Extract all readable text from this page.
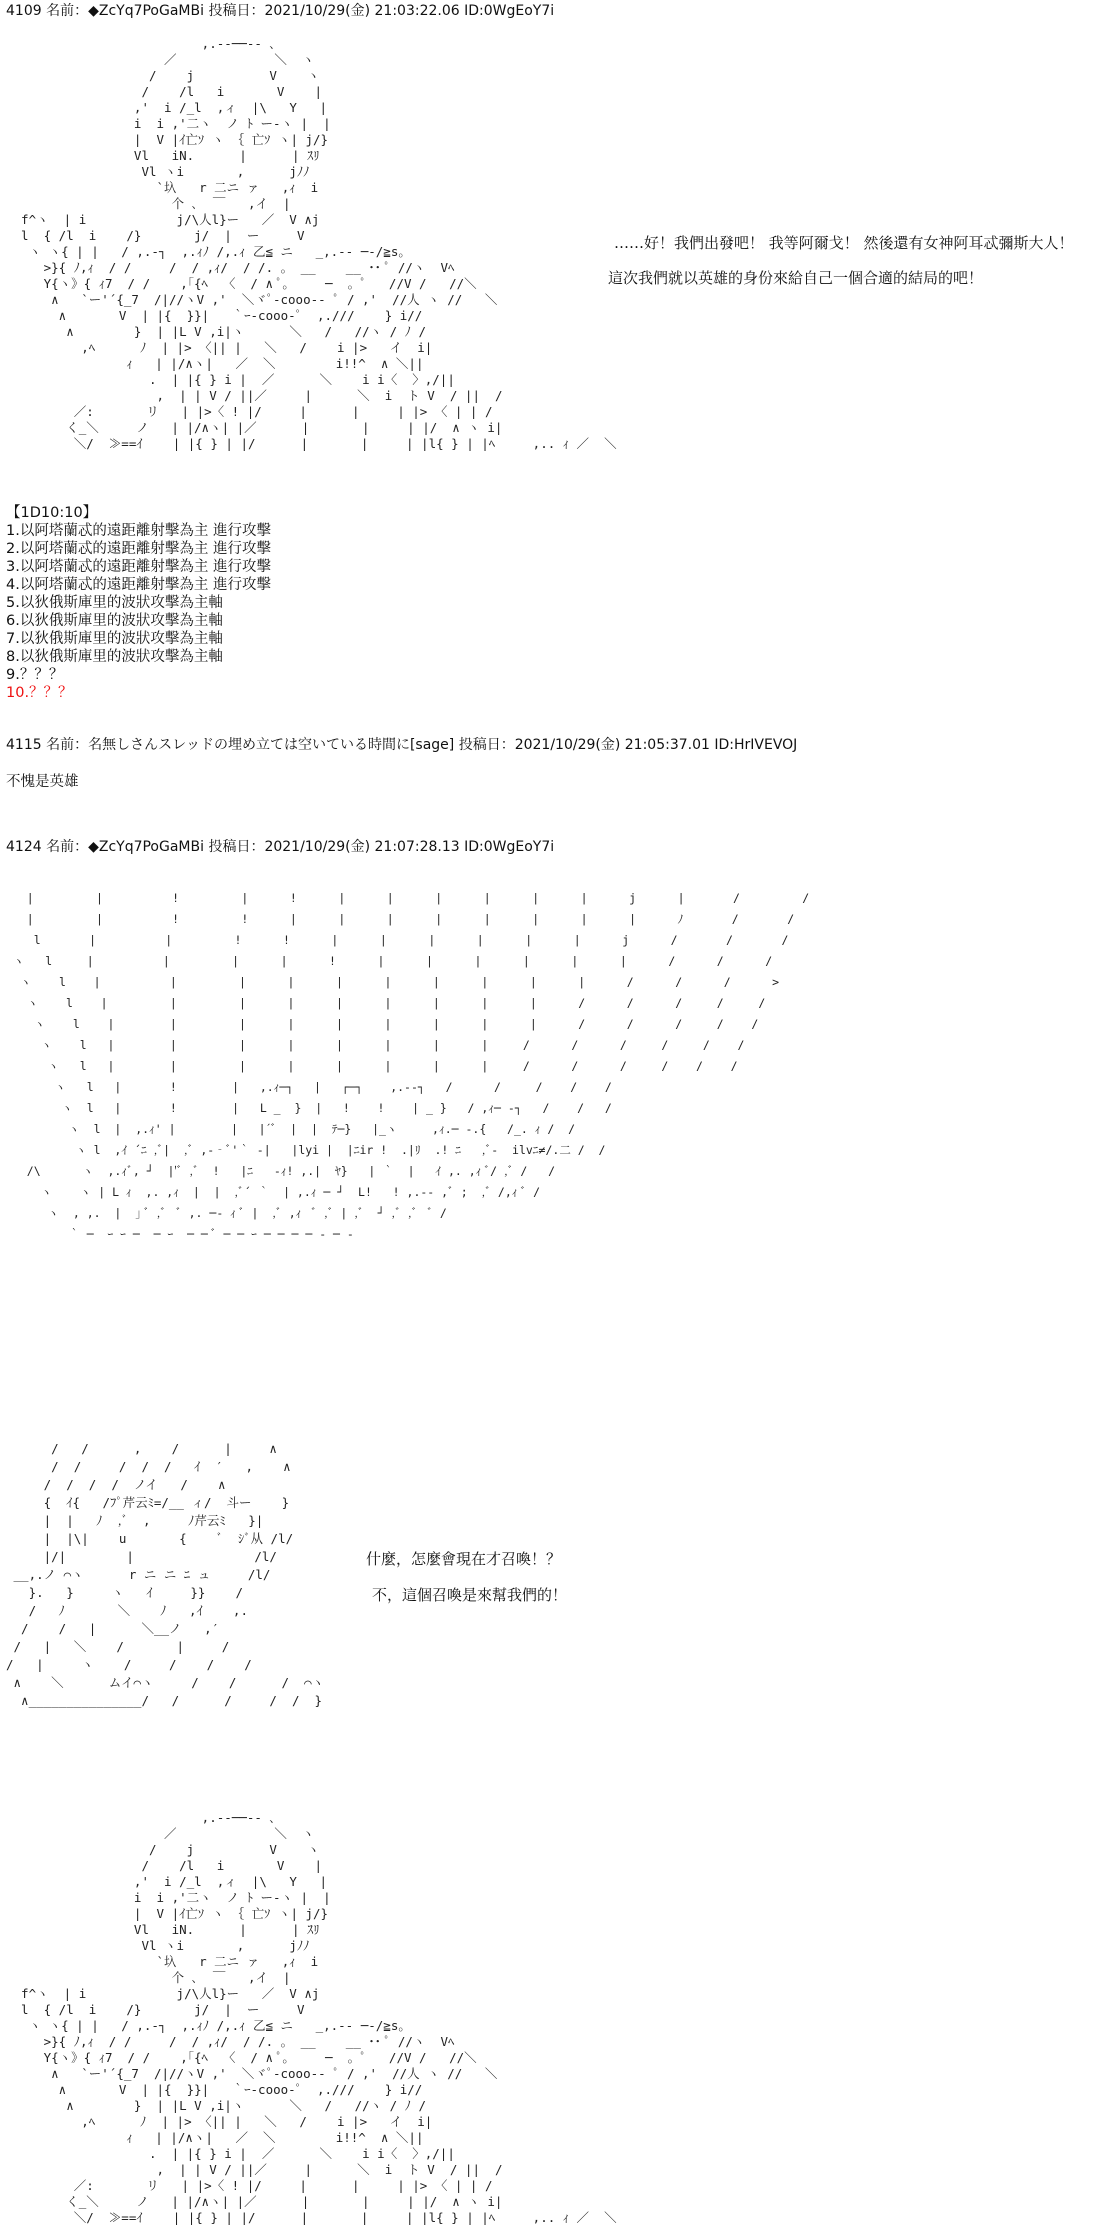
4109 名前：◆ZcYq7PoGaMBi 投稿日：2021/10/29(金) 21:03:22.06 ID:0WgEoY7i
,.-‐──‐- ､
／             ＼  ヽ
/    j          V    ヽ
/    /l   i       V    |
,'  i /_l  ,ィ  |\   Y   |
i  i ,'二ヽ  ノ ﾄ ー-ヽ |  |
|  V |ｲ亡ｿ ヽ ｛ 亡ｿ ヽ| j/}
Vl   iN.      |      | ｽﾘ
Vl ヽi       ,      jﾉﾉ
`圦   r 二ニ ァ   ,ｨ  i
个 ､  ￣   ,イ  |
f^ヽ  | i            j/\人l}ー   ／  V ∧j
l  { /l  i    /}       j/  |  ー     V
ヽ ヽ{ | |   / ,.-┐  ,.ｨﾉ /,.ｨ 乙≦ ニ   _,.-‐ ─-/≧s。
>}{ ﾉ,ｨ  / /     /  / ,ｨ/  / /. 。 __    __ ･･ ﾟ //ヽ  Vﾍ
Y{ヽ》{ ｨ7  / /    ,｢{ﾍ  〈  / ∧ ﾟ。    ─  。ﾟ   //V /   //＼
∧   `ー'´{_7  /|//ヽV ,'  ＼ヾﾟ-cooo-‐ ﾟ / ,'  //人 ヽ //   ＼
∧       V  | |{  }}|   ｀ｰ-cooo‐ﾟ  ,.///    } i//
∧        }  | |L V ,i|ヽ      ＼   /   //ヽ / ﾉ /
,ﾍ      ﾉ  | |> 〈|| |   ＼   /    i |>   イ  i|
ｨ   | |/∧ヽ|   ／  ＼        i!!^  ∧ ＼||
.  | |{ } i |  ／      ＼    i i〈  〉,/||
,  | | V / ||／     |      ＼  i  ト V  / ||  /
／:       リ   | |>〈 ! |/     |      |     | |> 〈 | | /
く_＼     ノ   | |/∧ヽ| |／      |       |     | |/  ∧ ヽ i|
＼/  ≫==ｲ    | |{ } | |/      |       |     | |l{ } | |ﾍ     ,.. ｨ ／  ＼
……好！我們出發吧！ 我等阿爾戈！ 然後還有女神阿耳忒彌斯大人！
這次我們就以英雄的身份來給自己一個合適的結局的吧！
【1D10:10】
1.以阿塔蘭忒的遠距離射擊為主 進行攻擊
2.以阿塔蘭忒的遠距離射擊為主 進行攻擊
3.以阿塔蘭忒的遠距離射擊為主 進行攻擊
4.以阿塔蘭忒的遠距離射擊為主 進行攻擊
5.以狄俄斯庫里的波狀攻擊為主軸
6.以狄俄斯庫里的波狀攻擊為主軸
7.以狄俄斯庫里的波狀攻擊為主軸
8.以狄俄斯庫里的波狀攻擊為主軸
9.？？？
10.？？？
4115 名前：名無しさんスレッドの埋め立ては空いている時間に[sage] 投稿日：2021/10/29(金) 21:05:37.01 ID:HrIVEVOJ
不愧是英雄
4124 名前：◆ZcYq7PoGaMBi 投稿日：2021/10/29(金) 21:07:28.13 ID:0WgEoY7i
|         |          !         |      !      |      |      |      |      |      |      j      |       /         /
|         |          !         !      |      |      |      |      |      |      |      |      ﾉ       /       /
l       |          |         !      !      |      |      |      |      |      |      j      /       /       /
ヽ   l     |          |         |      |      !      |      |      |      |      |      |      /      /      /
ヽ    l    |          |         |      |      |      |      |      |      |      |      /      /      /      >
ヽ    l    |         |         |      |      |      |      |      |      |      /      /      /     /     /
ヽ    l    |        |         |      |      |      |      |      |      |      /      /      /     /    /
ヽ    l   |        |         |      |      |      |      |      |     /      /      /     /     /    /
ヽ   l   |        |         |      |      |      |      |      |     /      /      /     /    /    /
ヽ   l   |       !        |   ,.ｨ─┐   |   ┌─┐    ,.-‐┐   /      /     /    /    /
ヽ  l   |       !        |   L _  }  |   !    !    | _ }   / ,ｨ─ ‐┐   /    /   /
ヽ  l  |  ,.ｨ' |        |   |´ﾞ  |  |  ﾃ─}   |_ヽ     ,ｨ.─ ‐.{   /_. ｨ /  /
ヽ l  ,ｲ ´ﾆ ,ﾞ|  ,ﾞ ,-‐ﾞ'｀ ‐|   |lyi |  |ﾆir !  .|ﾘ  .! ﾆ   ,ﾞ‐  ilvﾆ≠/.二 /  /
/\      ヽ  ,.ｨﾞ, ┘  |'ﾞ ,ﾞ  !   |ﾆ   -ｨ! ,.|  ﾔ}   | ｀  |   ｲ ,. ,ｨ ﾞ/ ,ﾞ /   /
ヽ    ヽ | L ｨ  ,. ,ｨ  |  |  ,ﾞ´ ｀  | ,.ｨ ─ ┘  L!   ! ,.-‐ ,ﾞ ;  ,ﾞ /,ｨ ﾞ /
ヽ  , ,.  |  ｣ ﾞ ,ﾞ  ﾞ ,. ─‐ ｨ ﾞ |  ,ﾞ ,ｨ  ﾞ ,ﾞ | ,ﾞ  ┘ ,ﾞ ,ﾞ  ﾞ /
｀ ─  ｰ ｰ ─  ─ ｰ  ─ ─ ﾞ ─ ─ ｰ ─ ─ ─ ─ ‐ ─ ‐
/   /      ,    /      |     ∧
/  /     /  /  /   ｲ  ′   ,    ∧
/  /  /  /  ノイ   /    ∧
{  ｲ{   /ﾌﾟ芹云ﾐ=/__ ィ/  斗ー    }
|  |   ﾉ  ,ﾞ  ,     ﾉ芹云ﾐ   }|
|  |\|    u       {    ﾞ  ｼﾞ从 /l/
|/|        |                /l/
__,.ノ ⌒ヽ      r ニ ニ ﾆ ュ     /l/
}.   }     ヽ   ｲ     }}    /
/   ﾉ       ＼    ﾉ   ,ｲ    ,.
/    /   |      ＼__ノ   ,′
/   |   ＼    /       |     /
/   |     ヽ    /     /    /    /
∧    ＼      ムイ⌒ヽ     /    /      /  ⌒ヽ
∧_______________/   /      /     /  /  }
什麼，怎麼會現在才召喚！？
不，這個召喚是來幫我們的！
,.-‐──‐- ､
／             ＼  ヽ
/    j          V    ヽ
/    /l   i       V    |
,'  i /_l  ,ィ  |\   Y   |
i  i ,'二ヽ  ノ ﾄ ー-ヽ |  |
|  V |ｲ亡ｿ ヽ ｛ 亡ｿ ヽ| j/}
Vl   iN.      |      | ｽﾘ
Vl ヽi       ,      jﾉﾉ
`圦   r 二ニ ァ   ,ｨ  i
个 ､  ￣   ,イ  |
f^ヽ  | i            j/\人l}ー   ／  V ∧j
l  { /l  i    /}       j/  |  ー     V
ヽ ヽ{ | |   / ,.-┐  ,.ｨﾉ /,.ｨ 乙≦ ニ   _,.-‐ ─-/≧s。
>}{ ﾉ,ｨ  / /     /  / ,ｨ/  / /. 。 __    __ ･･ ﾟ //ヽ  Vﾍ
Y{ヽ》{ ｨ7  / /    ,｢{ﾍ  〈  / ∧ ﾟ。    ─  。ﾟ   //V /   //＼
∧   `ー'´{_7  /|//ヽV ,'  ＼ヾﾟ-cooo-‐ ﾟ / ,'  //人 ヽ //   ＼
∧       V  | |{  }}|   ｀ｰ-cooo‐ﾟ  ,.///    } i//
∧        }  | |L V ,i|ヽ      ＼   /   //ヽ / ﾉ /
,ﾍ      ﾉ  | |> 〈|| |   ＼   /    i |>   イ  i|
ｨ   | |/∧ヽ|   ／  ＼        i!!^  ∧ ＼||
.  | |{ } i |  ／      ＼    i i〈  〉,/||
,  | | V / ||／     |      ＼  i  ト V  / ||  /
／:       リ   | |>〈 ! |/     |      |     | |> 〈 | | /
く_＼     ノ   | |/∧ヽ| |／      |       |     | |/  ∧ ヽ i|
＼/  ≫==ｲ    | |{ } | |/      |       |     | |l{ } | |ﾍ     ,.. ｨ ／  ＼
